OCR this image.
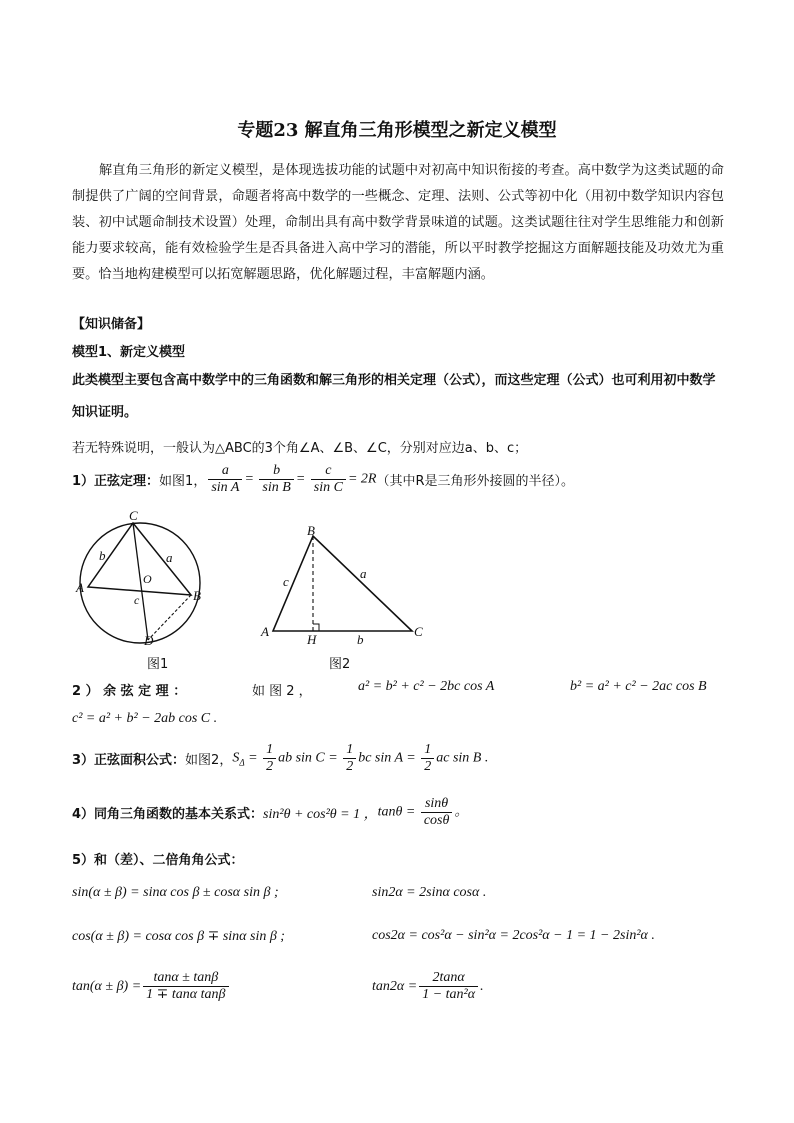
专题23 解直角三角形模型之新定义模型
解直角三角形的新定义模型，是体现选拔功能的试题中对初高中知识衔接的考查。高中数学为这类试题的命制提供了广阔的空间背景，命题者将高中数学的一些概念、定理、法则、公式等初中化（用初中数学知识内容包装、初中试题命制技术设置）处理，命制出具有高中数学背景味道的试题。这类试题往往对学生思维能力和创新能力要求较高，能有效检验学生是否具备进入高中学习的潜能，所以平时教学挖掘这方面解题技能及功效尤为重要。恰当地构建模型可以拓宽解题思路，优化解题过程，丰富解题内涵。
【知识储备】
模型1、新定义模型
此类模型主要包含高中数学中的三角函数和解三角形的相关定理（公式），而这些定理（公式）也可利用初中数学知识证明。
若无特殊说明，一般认为△ABC的3个角∠A、∠B、∠C，分别对应边a、b、c；
1）正弦定理： 如图1， $\frac{a}{\text{sin A}} = \frac{b}{\text{sin B}} = \frac{c}{\text{sin C}} = 2R$ （其中R是三角形外接圆的半径）。
C
A
B
D
O
a
b
c
B
A	C
H
a
c
b
图1	图2
2 ） 余 弦 定 理 ：	如 图 2 ，	a² = b² + c² − 2bc cos A	b² = a² + c² − 2ac cos B
c² = a² + b² − 2ab cos C .
3）正弦面积公式： 如图2， $S_\Delta = \frac{1}{2}$ ab $\sin C = \frac{1}{2}$ bc $\sin A = \frac{1}{2}$ ac sin B .
4）同角三角函数的基本关系式： sin²θ + cos²θ = 1 ， $\tan\theta = \frac{\sin\theta}{\cos\theta}$ 。
5）和（差）、二倍角角公式：
sin(α ± β) = sinα cos β ± cosα sin β ;	sin2α = 2sinα cosα .
cos(α ± β) = cosα cos β ∓ sinα sin β ;	cos2α = cos²α − sin²α = 2cos²α − 1 = 1 − 2sin²α .
$\tan(\alpha \pm \beta) = \frac{\tan\alpha \pm \tan\beta}{\text{1 ∓ tanα tanβ}}$	$\tan 2\alpha = \frac{2\tan\alpha}{\text{1 − tan²α}}$ .
